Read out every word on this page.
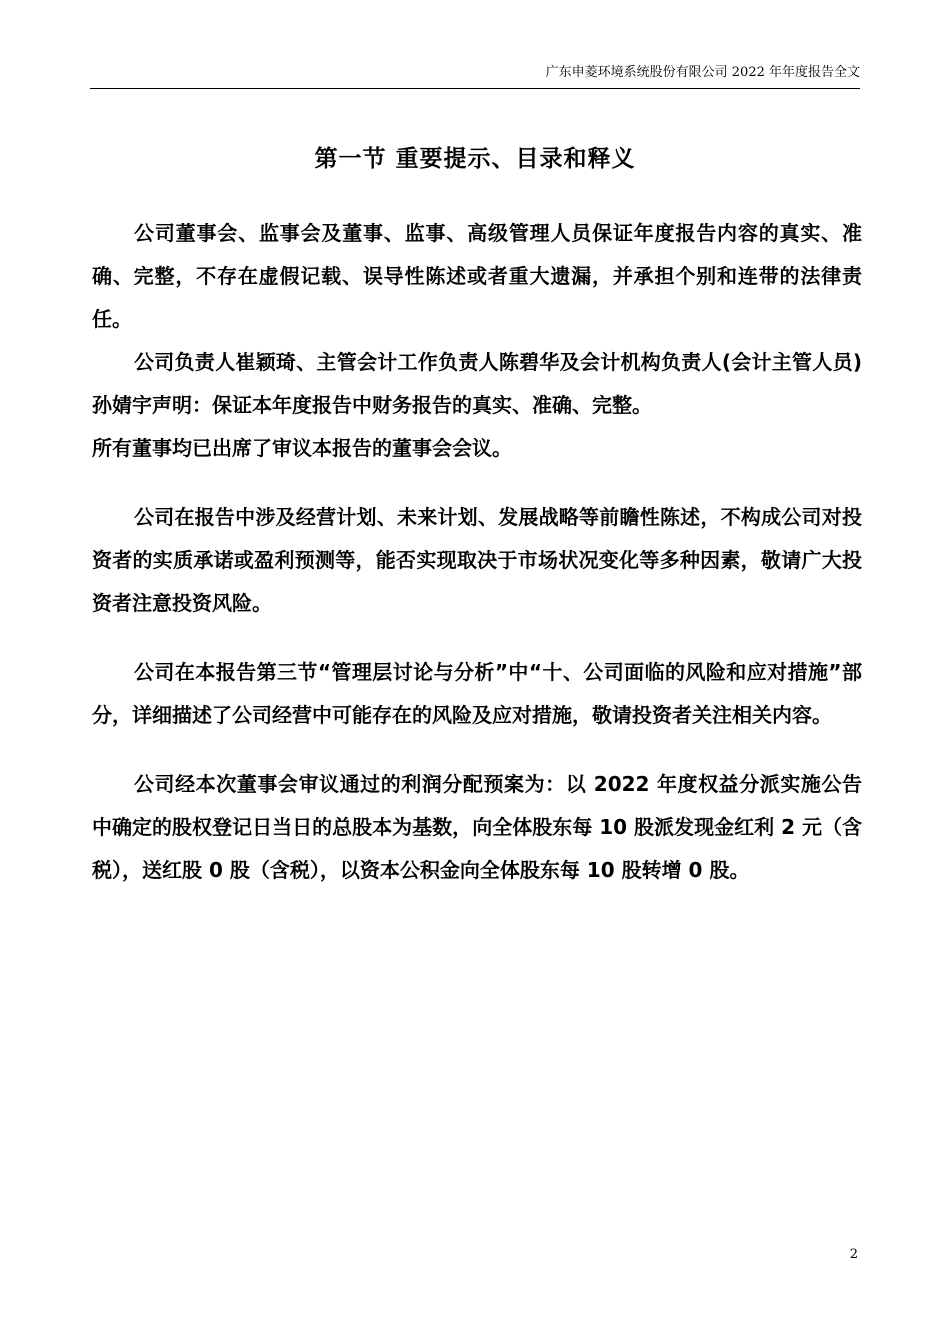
广东申菱环境系统股份有限公司 2022 年年度报告全文
第一节 重要提示、目录和释义

公司董事会、监事会及董事、监事、高级管理人员保证年度报告内容的真实、准确、完整，不存在虚假记载、误导性陈述或者重大遗漏，并承担个别和连带的法律责任。

公司负责人崔颖琦、主管会计工作负责人陈碧华及会计机构负责人(会计主管人员)孙婧宇声明：保证本年度报告中财务报告的真实、准确、完整。

所有董事均已出席了审议本报告的董事会会议。

公司在报告中涉及经营计划、未来计划、发展战略等前瞻性陈述，不构成公司对投资者的实质承诺或盈利预测等，能否实现取决于市场状况变化等多种因素，敬请广大投资者注意投资风险。

公司在本报告第三节“管理层讨论与分析”中“十、公司面临的风险和应对措施”部分，详细描述了公司经营中可能存在的风险及应对措施，敬请投资者关注相关内容。

公司经本次董事会审议通过的利润分配预案为：以 2022 年度权益分派实施公告中确定的股权登记日当日的总股本为基数，向全体股东每 10 股派发现金红利 2 元（含税），送红股 0 股（含税），以资本公积金向全体股东每 10 股转增 0 股。

2
